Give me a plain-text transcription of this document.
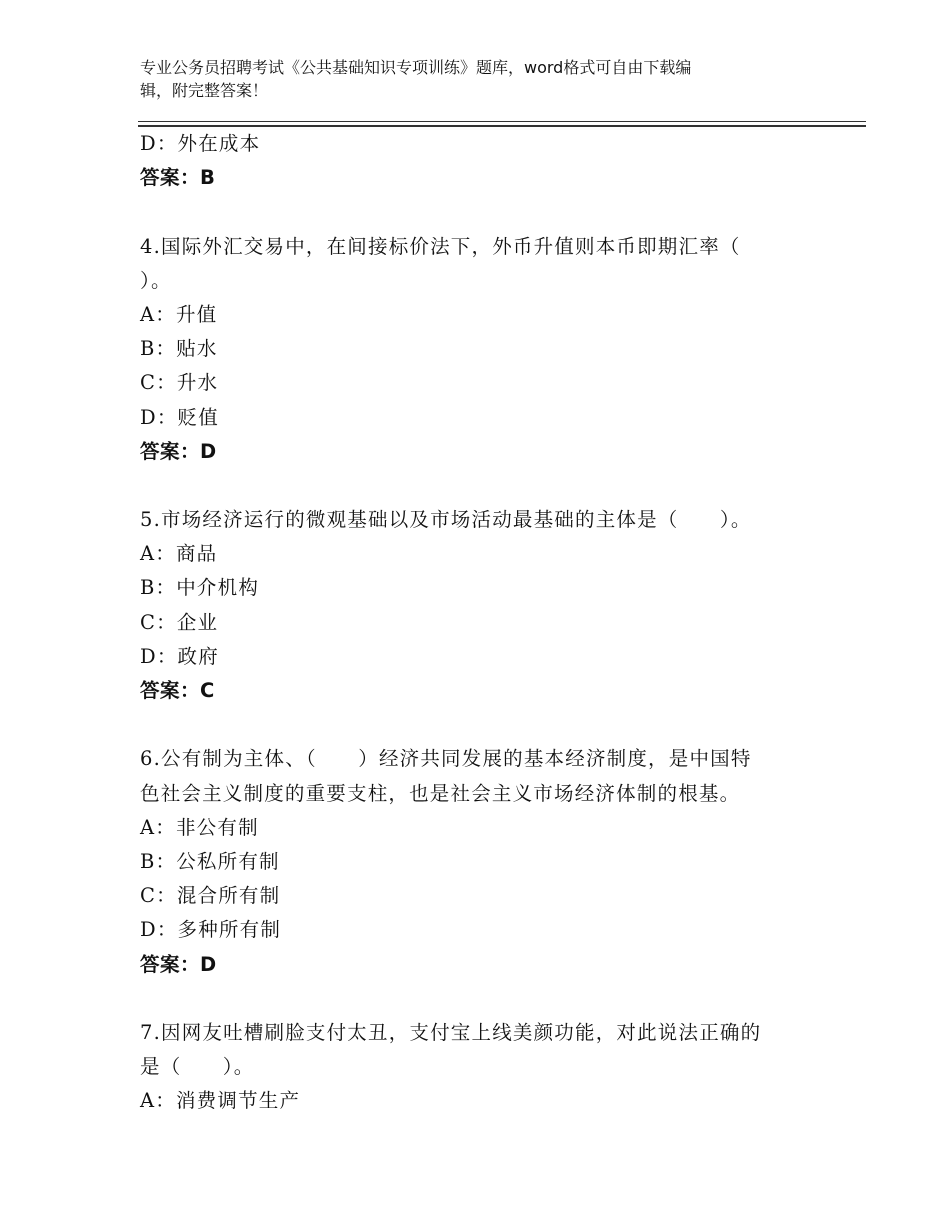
专业公务员招聘考试《公共基础知识专项训练》题库，word格式可自由下载编
辑，附完整答案！
D：外在成本
答案：B
4.国际外汇交易中，在间接标价法下，外币升值则本币即期汇率（
）。
A：升值
B：贴水
C：升水
D：贬值
答案：D
5.市场经济运行的微观基础以及市场活动最基础的主体是（　　）。
A：商品
B：中介机构
C：企业
D：政府
答案：C
6.公有制为主体、（　　）经济共同发展的基本经济制度，是中国特
色社会主义制度的重要支柱，也是社会主义市场经济体制的根基。
A：非公有制
B：公私所有制
C：混合所有制
D：多种所有制
答案：D
7.因网友吐槽刷脸支付太丑，支付宝上线美颜功能，对此说法正确的
是（　　）。
A：消费调节生产
